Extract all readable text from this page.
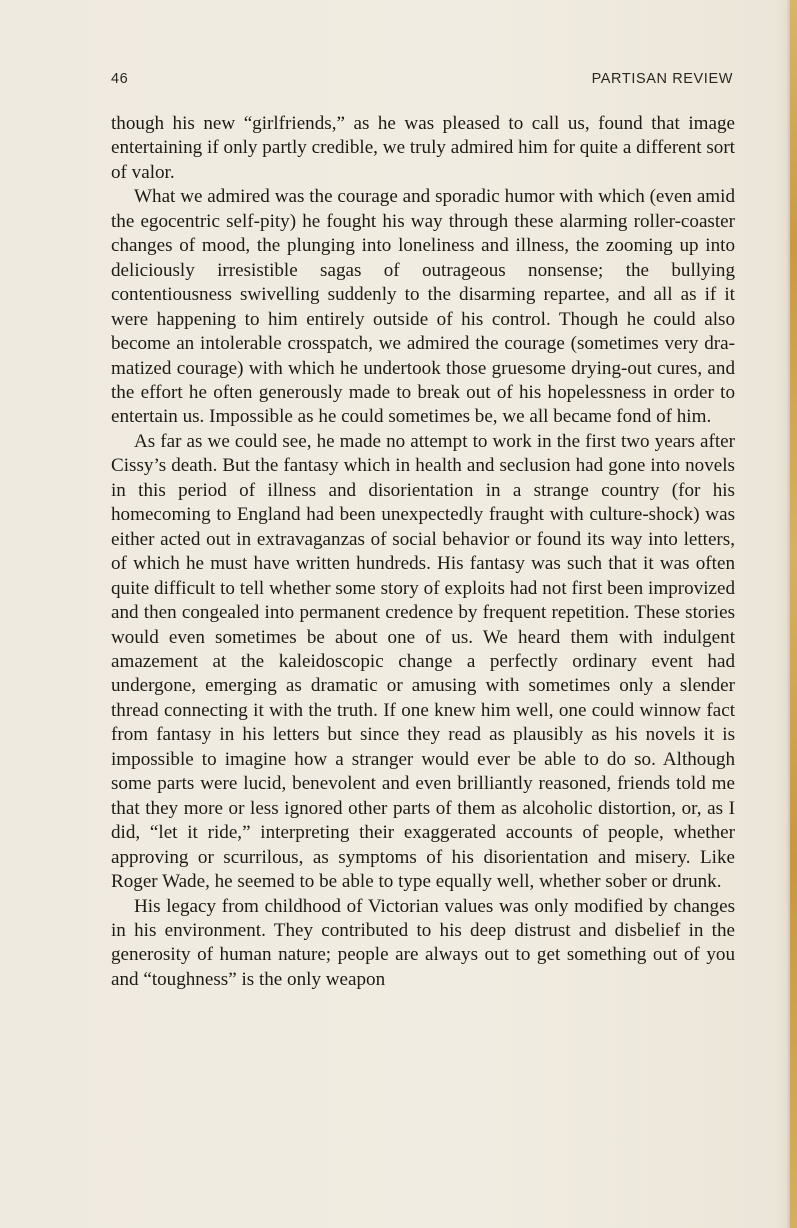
46	PARTISAN REVIEW

though his new “girlfriends,” as he was pleased to call us, found that image entertaining if only partly credible, we truly admired him for quite a different sort of valor.

What we admired was the courage and sporadic humor with which (even amid the egocentric self-pity) he fought his way through these alarming roller-coaster changes of mood, the plunging into loneliness and illness, the zooming up into deliciously irresistible sagas of outrageous nonsense; the bullying contentiousness swivelling suddenly to the disarming repartee, and all as if it were happening to him entirely outside of his control. Though he could also become an intolerable crosspatch, we admired the courage (sometimes very dramatized courage) with which he undertook those gruesome drying-out cures, and the effort he often generously made to break out of his hopelessness in order to entertain us. Impossible as he could sometimes be, we all became fond of him.

As far as we could see, he made no attempt to work in the first two years after Cissy’s death. But the fantasy which in health and seclusion had gone into novels in this period of illness and disorientation in a strange country (for his homecoming to England had been unexpectedly fraught with culture-shock) was either acted out in extravaganzas of social behavior or found its way into letters, of which he must have written hundreds. His fantasy was such that it was often quite difficult to tell whether some story of exploits had not first been improvized and then congealed into permanent credence by frequent repetition. These stories would even sometimes be about one of us. We heard them with indulgent amazement at the kaleidoscopic change a perfectly ordinary event had undergone, emerging as dramatic or amusing with sometimes only a slender thread connecting it with the truth. If one knew him well, one could winnow fact from fantasy in his letters but since they read as plausibly as his novels it is impossible to imagine how a stranger would ever be able to do so. Although some parts were lucid, benevolent and even brilliantly reasoned, friends told me that they more or less ignored other parts of them as alcoholic distortion, or, as I did, “let it ride,” interpreting their exaggerated accounts of people, whether approving or scurrilous, as symptoms of his disorientation and misery. Like Roger Wade, he seemed to be able to type equally well, whether sober or drunk.

His legacy from childhood of Victorian values was only modified by changes in his environment. They contributed to his deep distrust and disbelief in the generosity of human nature; people are always out to get something out of you and “toughness” is the only weapon
